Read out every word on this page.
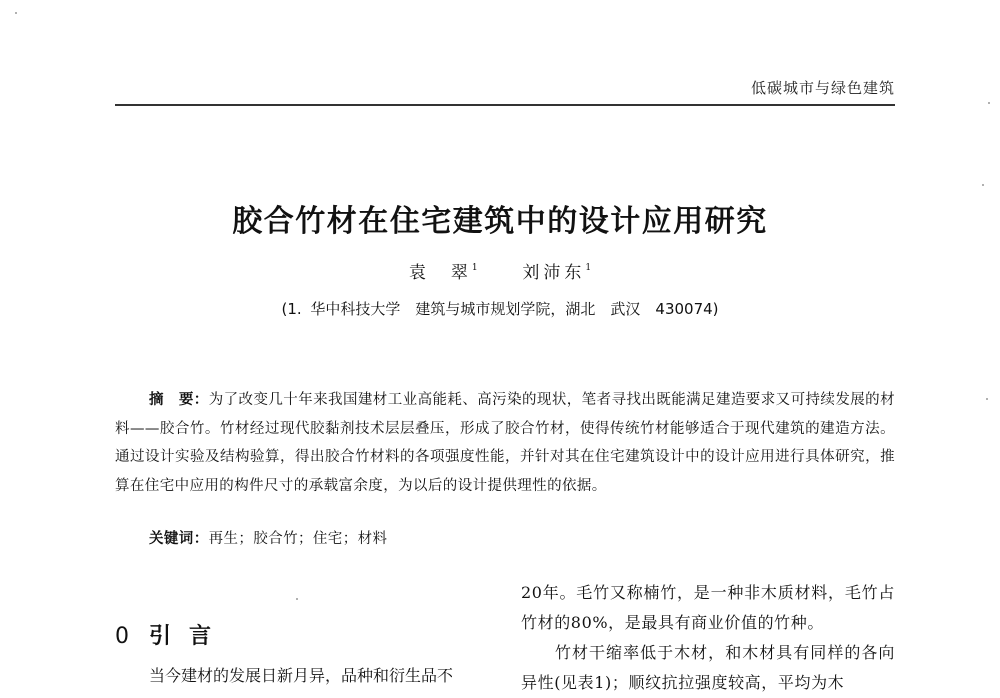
低碳城市与绿色建筑
胶合竹材在住宅建筑中的设计应用研究
袁　翠$^1$	刘沛东$^1$
(1. 华中科技大学　建筑与城市规划学院，湖北　武汉　430074)
摘　要：为了改变几十年来我国建材工业高能耗、高污染的现状，笔者寻找出既能满足建造要求又可持续发展的材料——胶合竹。竹材经过现代胶黏剂技术层层叠压，形成了胶合竹材，使得传统竹材能够适合于现代建筑的建造方法。通过设计实验及结构验算，得出胶合竹材料的各项强度性能，并针对其在住宅建筑设计中的设计应用进行具体研究，推算在住宅中应用的构件尺寸的承载富余度，为以后的设计提供理性的依据。
关键词：再生；胶合竹；住宅；材料
0 引言
当今建材的发展日新月异，品种和衍生品不

20年。毛竹又称楠竹，是一种非木质材料，毛竹占竹材的80%，是最具有商业价值的竹种。

竹材干缩率低于木材，和木材具有同样的各向异性(见表1)；顺纹抗拉强度较高，平均为木
